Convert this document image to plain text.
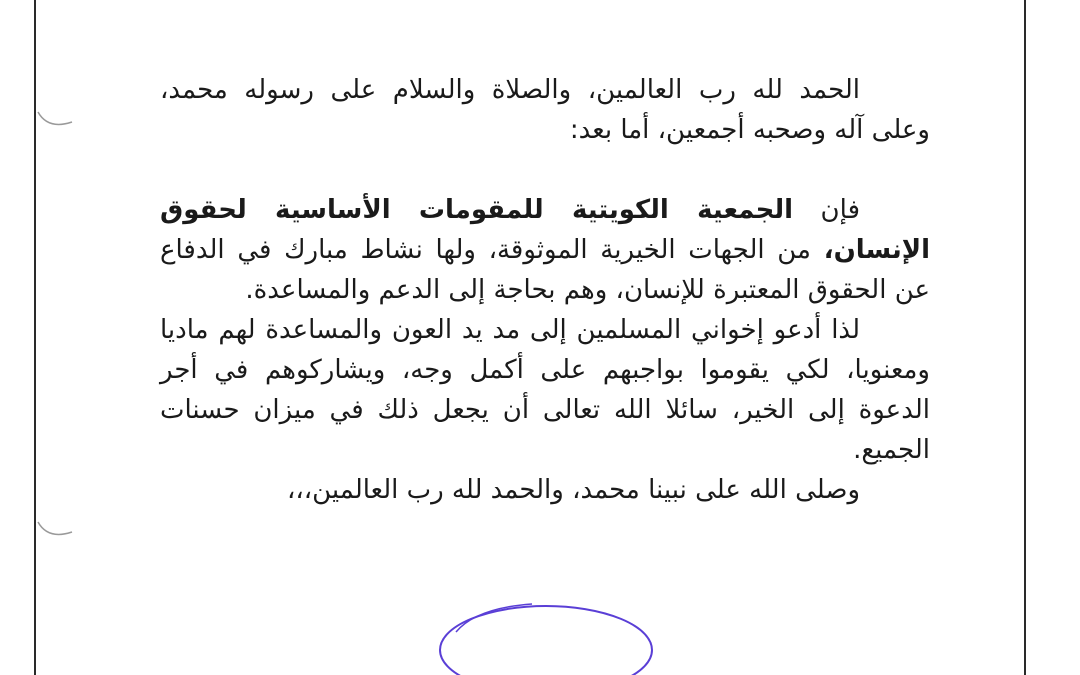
الحمد لله رب العالمين، والصلاة والسلام على رسوله محمد، وعلى آله وصحبه أجمعين، أما بعد:

فإن الجمعية الكويتية للمقومات الأساسية لحقوق الإنسان، من الجهات الخيرية الموثوقة، ولها نشاط مبارك في الدفاع عن الحقوق المعتبرة للإنسان، وهم بحاجة إلى الدعم والمساعدة.

لذا أدعو إخواني المسلمين إلى مد يد العون والمساعدة لهم ماديا ومعنويا، لكي يقوموا بواجبهم على أكمل وجه، ويشاركوهم في أجر الدعوة إلى الخير، سائلا الله تعالى أن يجعل ذلك في ميزان حسنات الجميع.

وصلى الله على نبينا محمد، والحمد لله رب العالمين،،،
